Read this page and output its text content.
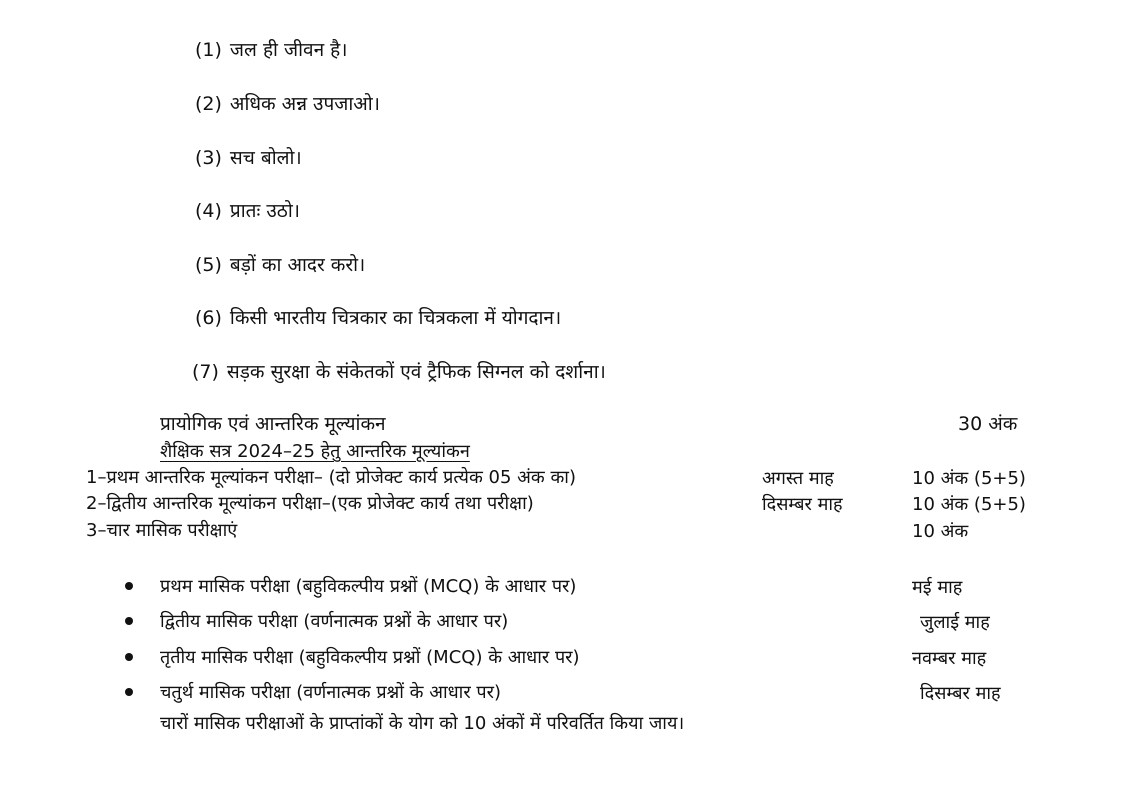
(1) जल ही जीवन है।
(2) अधिक अन्न उपजाओ।
(3) सच बोलो।
(4) प्रातः उठो।
(5) बड़ों का आदर करो।
(6) किसी भारतीय चित्रकार का चित्रकला में योगदान।
(7) सड़क सुरक्षा के संकेतकों एवं ट्रैफिक सिग्नल को दर्शाना।
प्रायोगिक एवं आन्तरिक मूल्यांकन	30 अंक
शैक्षिक सत्र 2024–25 हेतु आन्तरिक मूल्यांकन
1–प्रथम आन्तरिक मूल्यांकन परीक्षा– (दो प्रोजेक्ट कार्य प्रत्येक 05 अंक का)	अगस्त माह	10 अंक (5+5)
2–द्वितीय आन्तरिक मूल्यांकन परीक्षा–(एक प्रोजेक्ट कार्य तथा परीक्षा)	दिसम्बर माह	10 अंक (5+5)
3–चार मासिक परीक्षाएं	10 अंक
प्रथम मासिक परीक्षा (बहुविकल्पीय प्रश्नों (MCQ) के आधार पर)	मई माह
द्वितीय मासिक परीक्षा (वर्णनात्मक प्रश्नों के आधार पर)	जुलाई माह
तृतीय मासिक परीक्षा (बहुविकल्पीय प्रश्नों (MCQ) के आधार पर)	नवम्बर माह
चतुर्थ मासिक परीक्षा (वर्णनात्मक प्रश्नों के आधार पर)	दिसम्बर माह
चारों मासिक परीक्षाओं के प्राप्तांकों के योग को 10 अंकों में परिवर्तित किया जाय।
